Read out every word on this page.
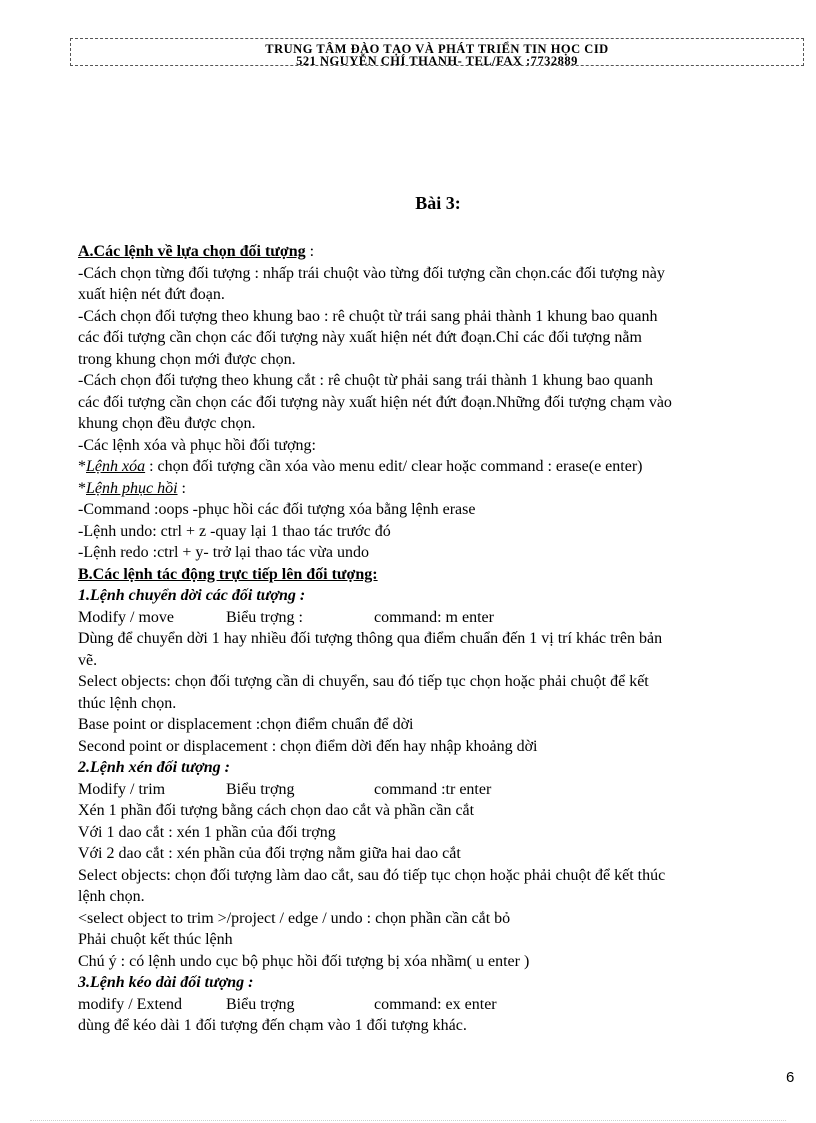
TRUNG TÂM ĐÀO TẠO VÀ PHÁT TRIỂN TIN HỌC CID
521 NGUYỄN CHÍ THANH- TEL/FAX :7732889
Bài 3:
A.Các lệnh về lựa chọn đối tượng :
-Cách chọn từng đối tượng : nhấp trái chuột vào từng đối tượng cần chọn.các đối tượng này
xuất hiện nét đứt đoạn.
-Cách chọn đối tượng theo khung bao : rê chuột từ trái sang phải thành 1 khung bao quanh
các đối tượng cần chọn các đối tượng này xuất hiện nét đứt đoạn.Chỉ các đối tượng nằm
trong khung chọn mới được chọn.
-Cách chọn đối tượng theo khung cắt : rê chuột từ phải sang trái thành 1 khung bao quanh
các đối tượng cần chọn các đối tượng này xuất hiện nét đứt đoạn.Những đối tượng chạm vào
khung chọn đều được chọn.
-Các lệnh xóa và phục hồi đối tượng:
*Lệnh xóa : chọn đối tượng cần xóa vào menu edit/ clear hoặc command : erase(e enter)
*Lệnh phục hồi :
-Command :oops -phục hồi các đối tượng xóa bằng lệnh erase
-Lệnh undo: ctrl + z -quay lại 1 thao tác trước đó
-Lệnh redo :ctrl + y- trở lại thao tác vừa undo
B.Các lệnh tác động trực tiếp lên đối tượng:
1.Lệnh chuyển dời các đối tượng :
Modify / move	Biểu trợng :	command: m enter
Dùng để chuyển dời 1 hay nhiều đối tượng thông qua điểm chuẩn đến 1 vị trí khác trên bản
vẽ.
Select objects: chọn đối tượng cần di chuyển, sau đó tiếp tục chọn hoặc phải chuột để kết
thúc lệnh chọn.
Base point or displacement :chọn điểm chuẩn để dời
Second point or displacement : chọn điểm dời đến hay nhập khoảng dời
2.Lệnh xén đối tượng :
Modify / trim	Biểu trợng	command :tr enter
Xén 1 phần đối tượng bằng cách chọn dao cắt và phần cần cắt
Với 1 dao cắt : xén 1 phần của đối trợng
Với 2 dao cắt : xén phần của đối trợng nằm giữa hai dao cắt
Select objects: chọn đối tượng làm dao cắt, sau đó tiếp tục chọn hoặc phải chuột để kết thúc
lệnh chọn.
<select object to trim >/project / edge / undo : chọn phần cần cắt bỏ
Phải chuột kết thúc lệnh
Chú ý : có lệnh undo cục bộ phục hồi đối tượng bị xóa nhầm( u enter )
3.Lệnh kéo dài đối tượng :
modify / Extend	Biểu trợng	command: ex enter
dùng để kéo dài 1 đối tượng đến chạm vào 1 đối tượng khác.
6
